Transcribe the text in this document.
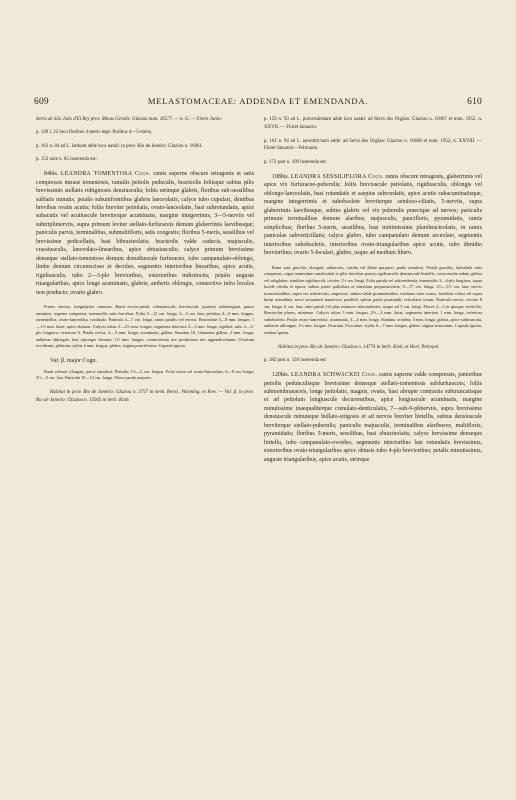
609	MELASTOMACEAE: ADDENDA ET EMENDANDA.	610

Serra de São João d'El Rey prov. Minas Geraës: Glaziou num. 16577. — n. G. — Floret Junio.

p. 149 l. 23 loco floribus 4-meris lege: floribus 4—5-meris.

p. 163 n. 84 ad L. latinam adde loco natali: in prov. Rio de Janeiro: Glaziou n. 16061.

p. 153 note n. 85 inserenda est:

84bis. LEANDRA TOMENTOSA Cogn. ramis superne obscure tetragonis et satis compressis intrase tomentosis, ramulis petiolis peduculis, bracteolis foliisque subtus pilis brevissimis stellatis rubiginosis densiusculis; foliis utrinque glabris, floribus sub-sessilibus sublatis minutis, petalis subuniformibus glabris lanceolatis; calyce tubo cupulari, dentibus brevibus ovatis acutis; foliis breviter petiolatis, ovato-lanceolatis, basi subrotundatis, apice subacutis vel acutiuscule breviterque acuminatis, margine integerrimis, 3—5-nerviis vel subtripliinerviis, supra primum leviter stellato-furfuraceis demum glaberrimis laevibusque; paniculis parvis, terminalibus, submultifloris, satis congestis; floribus 5-meris, sessilibus vel brevissime pedicellatis, basi bibracteolatis; bracteolis valde caducis, majusculis, crassiusculis, lanceolato-linearibus, apice obtusiusculis; calyce primum brevissime denseque stellato-tomentoso demum denudiuscule furfuraceo, tubo campanulato-oblongo, limbo demum circumscisso et deciduo, segmentis interioribus linearibus, apice acutis, rigidiusculis, tubo 2—3-plo brevioribus, exterioribus indistinctis; petalis anguste triangularibus, apice longe acuminatis, glabris; antheris oblongis, connectivo infra loculos non producto; ovario glabro.

Frutex erectus, irregulariter ramosus. Rami erecto-patuli, robustiusculi, breviusculi, juniores subtetragoni, pauce ramulosi, superne compressi, internodiis satis brevibus. Folia 5—12 cm. longa, 2—5 cm. lata; petiolus 4—6 mm. longus, tomentellus; ovato-lanceolata, cordatula. Panicula 4—7 cm. longa, ramis patulis vel erectis. Bracteolae 5—8 mm. longae, 1—1½ mm. latae, apice obtusae. Calycis tubus 2—2½ mm. longus, segmenta interiora 2—3 mm. longa, rigidula, tubo 2—3-plo longiora; exteriora 0. Petala erecta, 2—3 mm. longa, acuminata, glabra. Stamina 10; filamenta glabra, 2 mm. longa; antherae oblongae, basi apiceque obtusae, 1½ mm. longae; connectivum nec productum nec appendiculatum. Ovarium ovoideum, glabrum; stylus 4 mm. longus, glaber; stigma punctiforme. Capsula ignota.

Var. β. major Cogn.

Rami robusti, elongati, parce ramulosi. Petiolus 1½—2 cm. longus. Folia ovata vel ovato-lanceolata, 6—8 cm. longa, 3½—5 cm. lata. Panicula 10—12 cm. longa. Flores paulo majores.

Habitat in prov. Rio de Janeiro: Glaziou n. 3757 in herb. Berol., Warming. et Kew. — Var. β. in prov. Rio de Janeiro: Glaziou n. 15943 in herb. Kiob.

p. 159 n. 93 ad L. pulverulentam adde loco natali: ad Serra dos Orgãos: Glaziou n. 16907 et num. 1952. n. XXVII. — Floret Januario.

p. 161 n. 94 ad L. neurotricham adde: ad Serra dos Orgãos: Glaziou n. 16608 et num. 1952, n. XXVIII. — Floret Januario—Februario.

p. 173 post n. 109 inserenda est:

108bis. LEANDRA SESSILIFLORA Cogn. ramis obscure tetragonis, glaberrimis vel apice vix furfuraceo-puberulis; foliis breviuscule petiolatis, rigidiusculis, oblongis vel oblongo-lanceolatis, basi rotundatis et saepius subcordatis, apice acutis subacuminatisque, margine integerrimis et subobsolete breviterque setuloso-ciliatis, 5-nerviis, supra glaberrimis laevibusque, subtus glabris vel vix puberulis praecique ad nervos; paniculis primum terminalibus demum alaribus, majusculis, paucifloris, pyramidatis, ramis simplicibus; floribus 5-meris, sessilibus, basi minimissime plurebracteolatis, in ramis paniculae subverticillatis; calyce glabro, tubo campanulato demum urceolato, segmentis interioribus subobsoletis, interioribus ovato-triangularibus apice acutis, tubo dimidio brevioribus; ovario 5-loculari, glabro, usque ad medium libero.

Rami satis graciles, elongati, subteretes, virides vel dilute purpurei, paulo ramulosi. Petioli graciles, lateraliter satis compressi, supra tenuissime canaliculati et pilis brevibus paucis rigidiusculis densiuscule hirtellis; costa media subtus glabra vel subglabra; similiter rigidiusculi, circiter 1½ cm. longi. Folia patula vel adscendentia, internodiis 3—4-plo longiora, supra lucide viridia et opaca, subtus paulo pallidiora et interdum purpurascentia, 9—17 cm. longa, 2½—5½ cm. lata; nervis transversalibus, supra vix subelevatis, impressis, subtus valde prominentibus, mediano satis crasso, lateribus a basi vel supra basin orientibus; nervi secundarii numerosi, paralleli, subtus paulo prominuli; reticulatio tenuis. Panicula erecta, circiter 8 cm. longa, 6 cm. lata; rami patuli vel plus minusve adscendentes, usque ad 3 cm. longi. Flores 2—3 in quoque verticillo. Bracteolae plures, minimae. Calycis tubus 3 mm. longus, 2½—3 mm. latus; segmenta interiora 1 mm. longa, exteriora subobsoleta. Petala ovato-lanceolata, acuminata, 3—4 mm. longa. Stamina ovoidea, 3 mm. longa, glabra, apice subtruncata, antherae oblongae, 1¼ mm. longae. Ovarium 5-loculare, stylus 6—7 mm. longus, glaber, stigma truncatum. Capsula ignota, semina ignota.

Habitat in prov. Rio de Janeiro: Glaziou n. 14774 in herb. Kiob. et Hort. Petropol.

p. 182 post n. 120 inserenda est:

120bis. LEANDRA SCHWACKEI Cogn. ramis superne valde compressis, junioribus petiolis pedunculisque brevissime denseque stellato-tomentosis subfurfuraceis; foliis submembranaceis, longe petiolatis, magnis, ovatis, basi abrupte contractis subtruncatisque et ad petiolum longiuscule decurrentibus, apice longiuscule acuminatis, margine minutissime inaequaliterque crenulato-denticulatis, 7—sub-9-plinerviis, supra brevissime densiuscule minuteque bullato-strigosis et ad nervos breviter hirtellis, subtus densiuscule breviterque stellato-puberulis; paniculis majusculis, terminalibus alaribusve, multifloris, pyramidatis; floribus 5-meris, sessilibus, basi ebracteolatis; calyce brevissime denseque hirtello, tubo campanulato-ovoideo, segmentis interioribus late rotundatis brevissimis, exterioribus ovato-triangularibus apice obtusis tubo 4-plo brevioribus; petalis minutissimis, anguste triangularibus, apice acutis, utrinque
